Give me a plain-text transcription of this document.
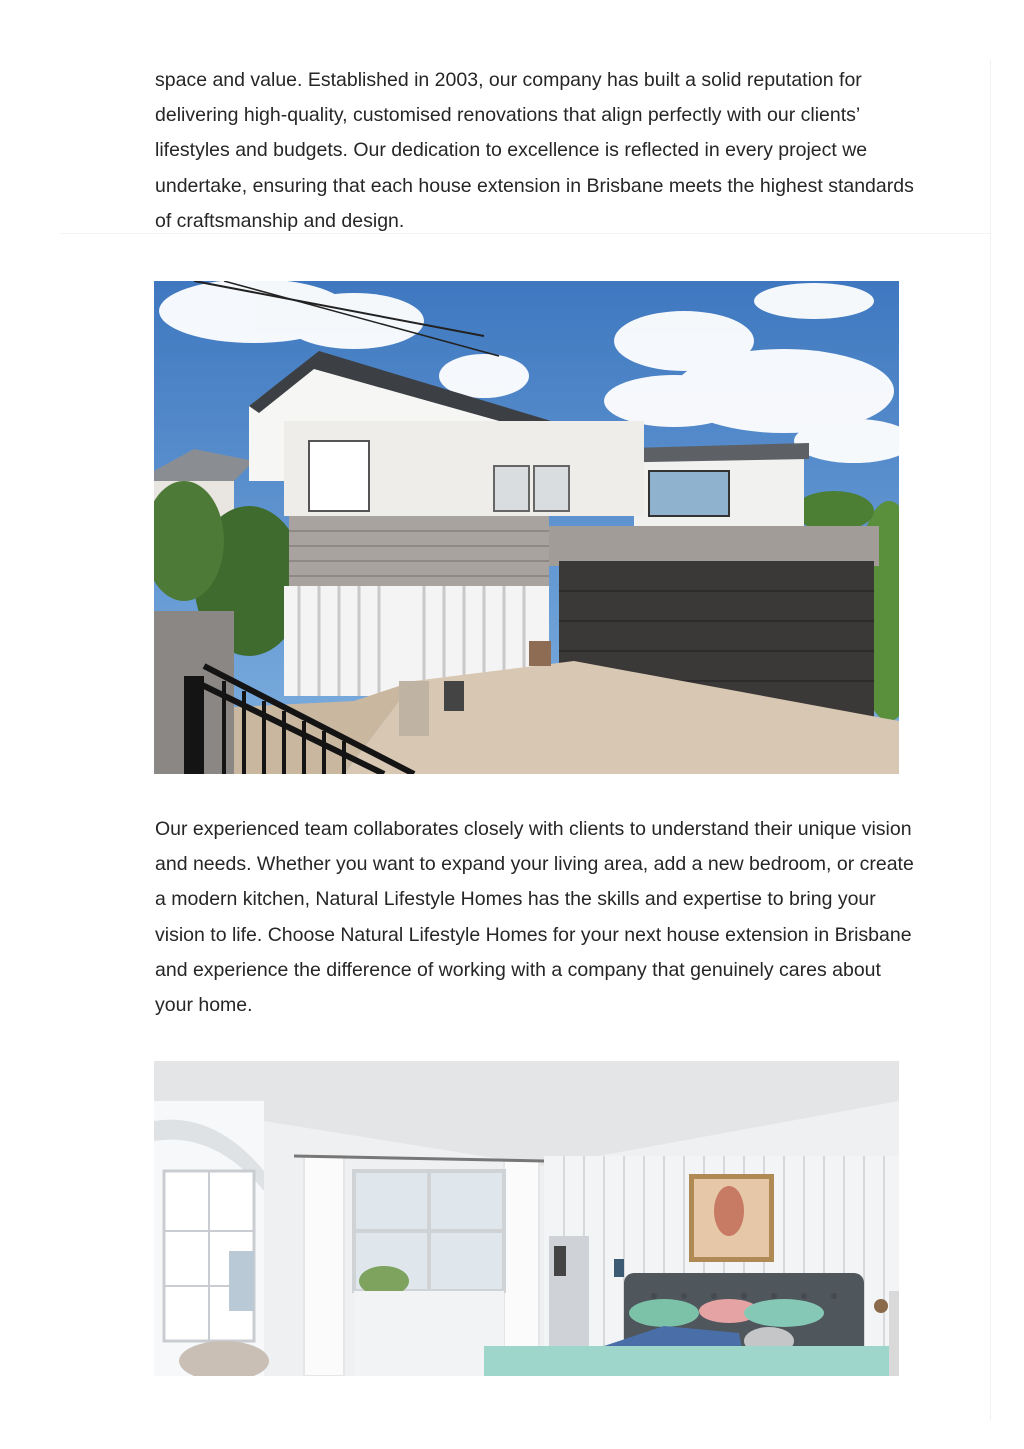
space and value. Established in 2003, our company has built a solid reputation for delivering high-quality, customised renovations that align perfectly with our clients’ lifestyles and budgets. Our dedication to excellence is reflected in every project we undertake, ensuring that each house extension in Brisbane meets the highest standards of craftsmanship and design.

Our experienced team collaborates closely with clients to understand their unique vision and needs. Whether you want to expand your living area, add a new bedroom, or create a modern kitchen, Natural Lifestyle Homes has the skills and expertise to bring your vision to life. Choose Natural Lifestyle Homes for your next house extension in Brisbane and experience the difference of working with a company that genuinely cares about your home.
